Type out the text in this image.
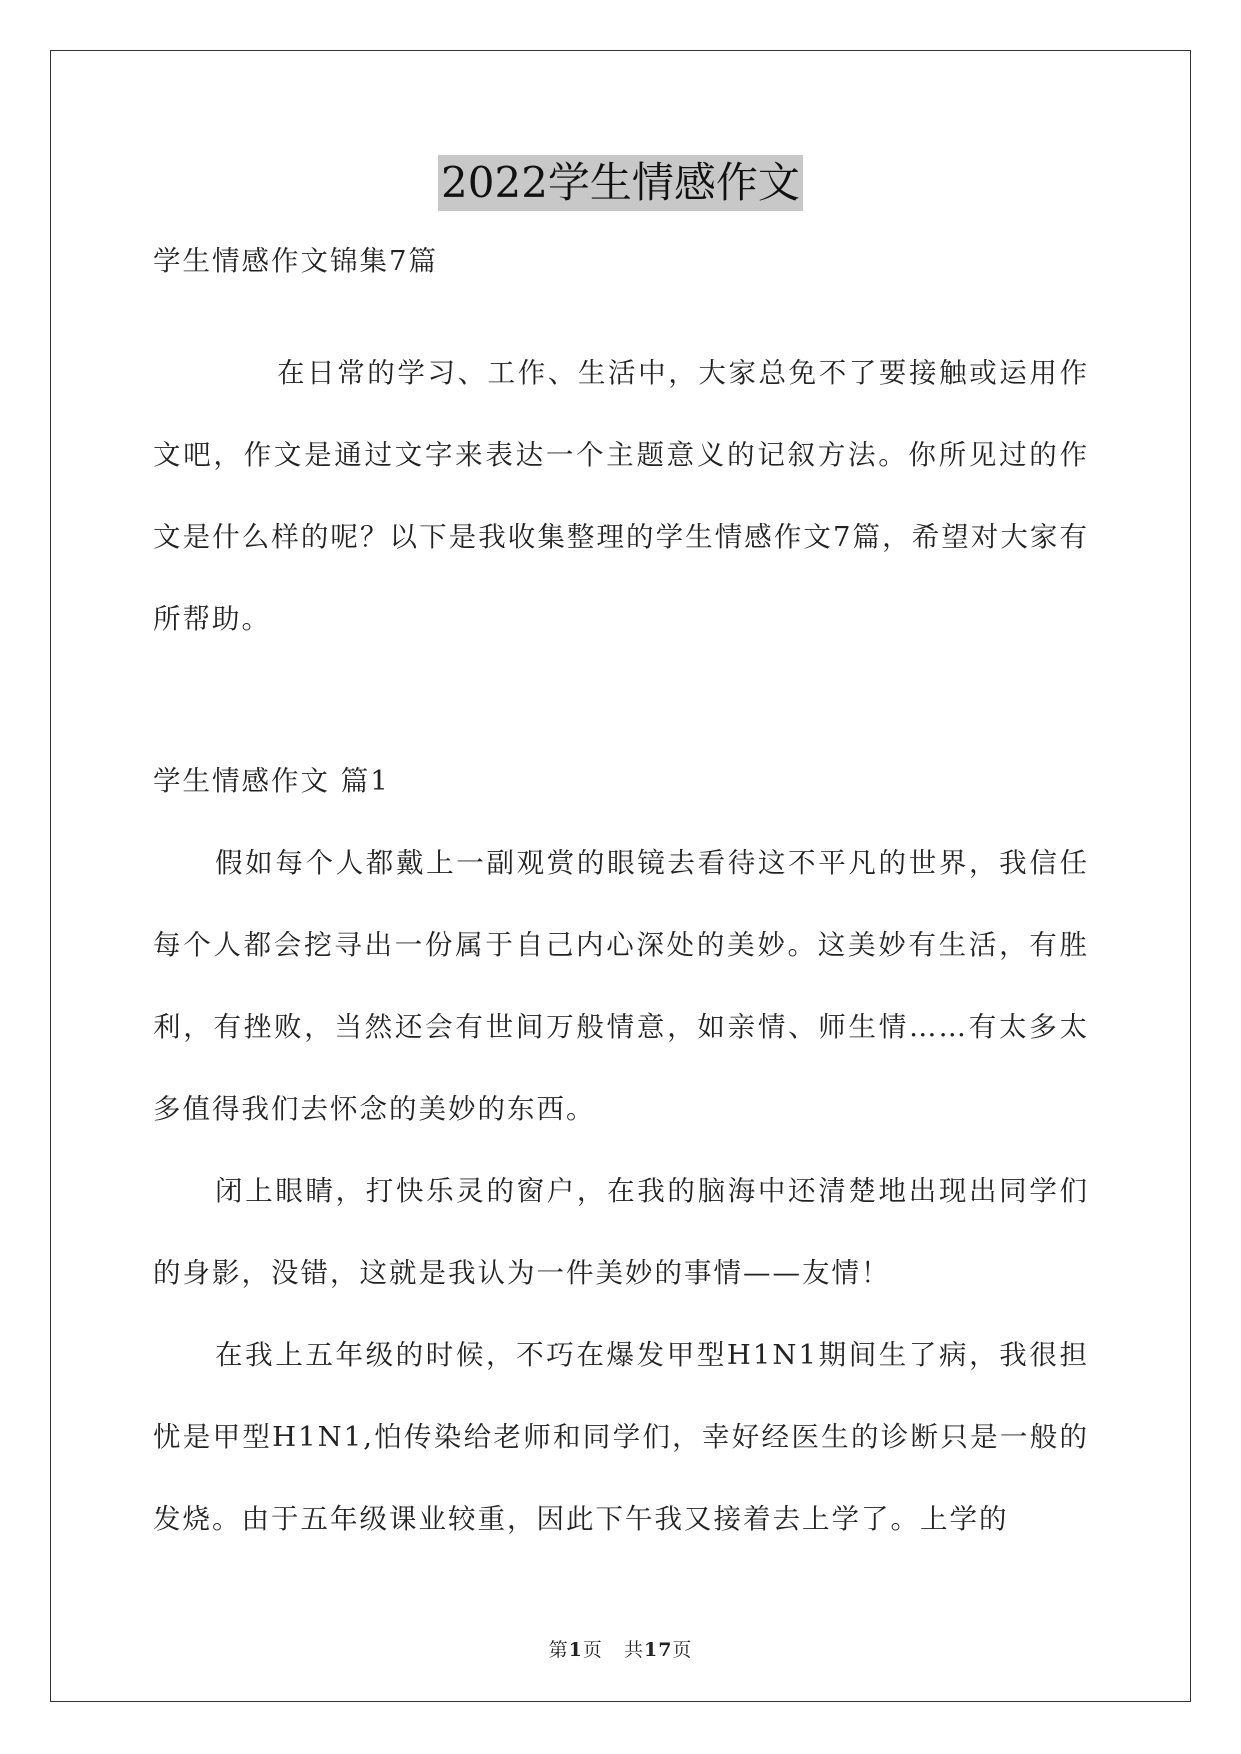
2022学生情感作文
学生情感作文锦集7篇

在日常的学习、工作、生活中，大家总免不了要接触或运用作文吧，作文是通过文字来表达一个主题意义的记叙方法。你所见过的作文是什么样的呢？以下是我收集整理的学生情感作文7篇，希望对大家有所帮助。

学生情感作文 篇1

假如每个人都戴上一副观赏的眼镜去看待这不平凡的世界，我信任每个人都会挖寻出一份属于自己内心深处的美妙。这美妙有生活，有胜利，有挫败，当然还会有世间万般情意，如亲情、师生情……有太多太多值得我们去怀念的美妙的东西。

闭上眼睛，打快乐灵的窗户，在我的脑海中还清楚地出现出同学们的身影，没错，这就是我认为一件美妙的事情——友情！

在我上五年级的时候，不巧在爆发甲型H1N1期间生了病，我很担忧是甲型H1N1,怕传染给老师和同学们，幸好经医生的诊断只是一般的发烧。由于五年级课业较重，因此下午我又接着去上学了。上学的

第1页 共17页
